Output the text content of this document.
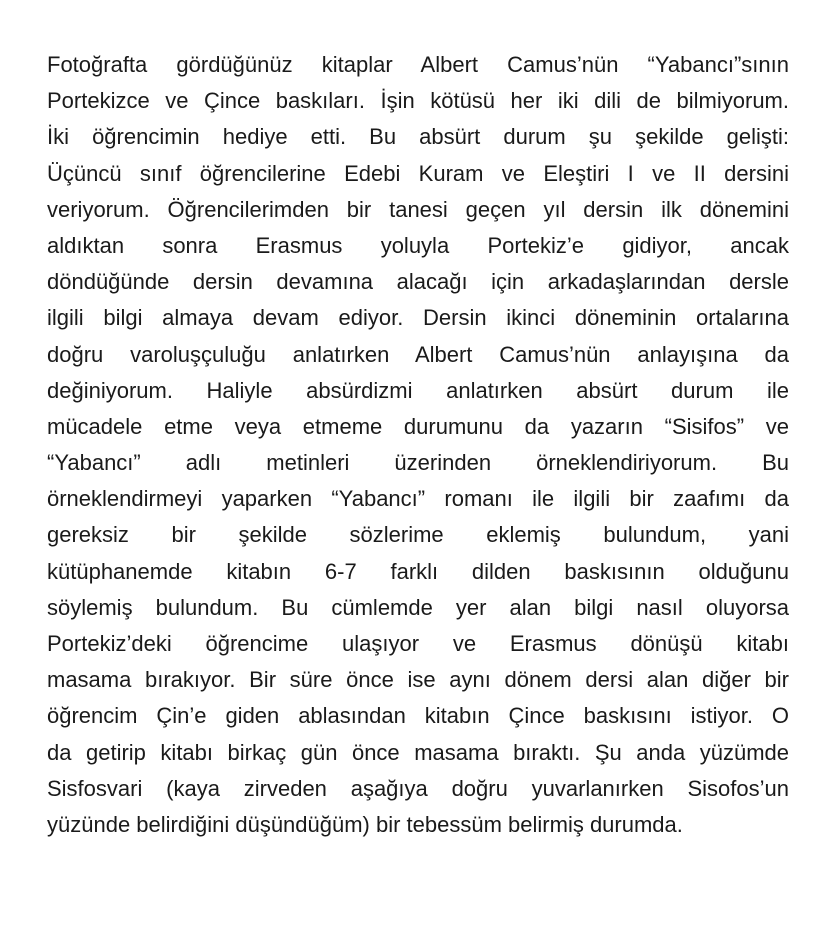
Fotoğrafta gördüğünüz kitaplar Albert Camus’nün “Yabancı”sının
Portekizce ve Çince baskıları. İşin kötüsü her iki dili de bilmiyorum.
İki öğrencimin hediye etti. Bu absürt durum şu şekilde gelişti:
Üçüncü sınıf öğrencilerine Edebi Kuram ve Eleştiri I ve II dersini
veriyorum. Öğrencilerimden bir tanesi geçen yıl dersin ilk dönemini
aldıktan sonra Erasmus yoluyla Portekiz’e gidiyor, ancak
döndüğünde dersin devamına alacağı için arkadaşlarından dersle
ilgili bilgi almaya devam ediyor. Dersin ikinci döneminin ortalarına
doğru varoluşçuluğu anlatırken Albert Camus’nün anlayışına da
değiniyorum. Haliyle absürdizmi anlatırken absürt durum ile
mücadele etme veya etmeme durumunu da yazarın “Sisifos” ve
“Yabancı” adlı metinleri üzerinden örneklendiriyorum. Bu
örneklendirmeyi yaparken “Yabancı” romanı ile ilgili bir zaafımı da
gereksiz bir şekilde sözlerime eklemiş bulundum, yani
kütüphanemde kitabın 6-7 farklı dilden baskısının olduğunu
söylemiş bulundum. Bu cümlemde yer alan bilgi nasıl oluyorsa
Portekiz’deki öğrencime ulaşıyor ve Erasmus dönüşü kitabı
masama bırakıyor. Bir süre önce ise aynı dönem dersi alan diğer bir
öğrencim Çin’e giden ablasından kitabın Çince baskısını istiyor. O
da getirip kitabı birkaç gün önce masama bıraktı. Şu anda yüzümde
Sisfosvari (kaya zirveden aşağıya doğru yuvarlanırken Sisofos’un
yüzünde belirdiğini düşündüğüm) bir tebessüm belirmiş durumda.
